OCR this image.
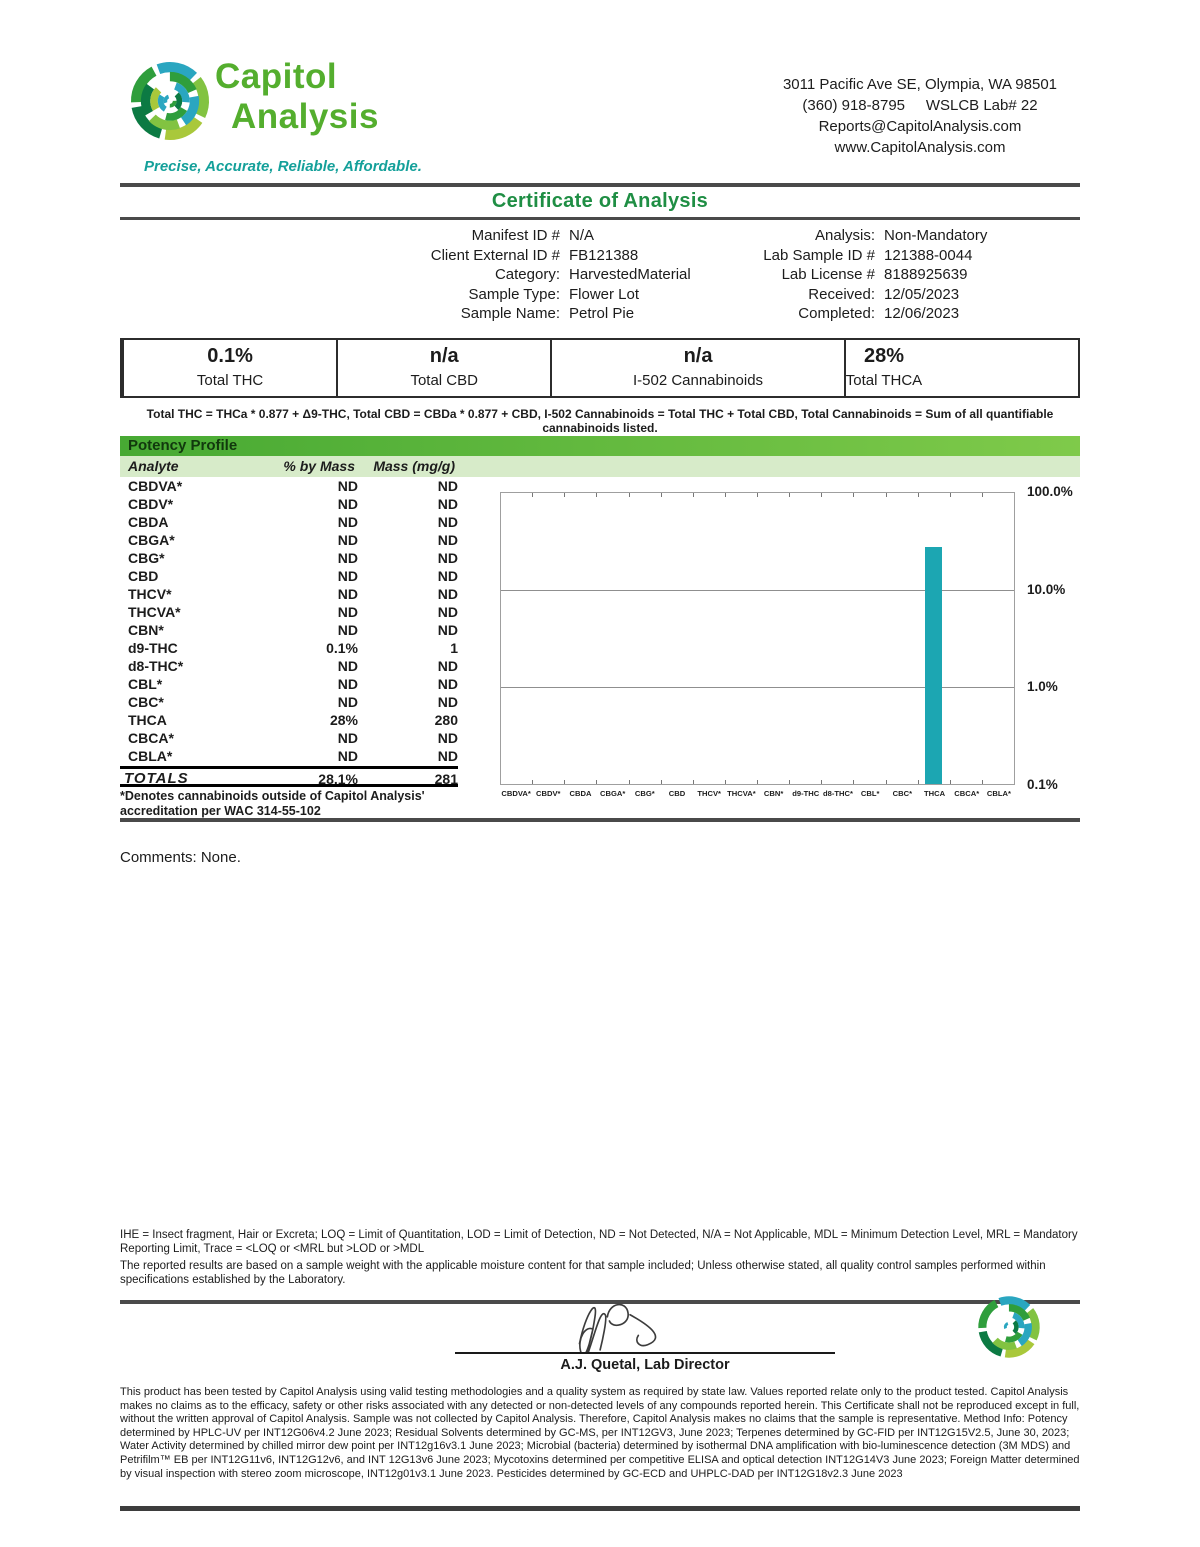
Capitol
Analysis
Precise, Accurate, Reliable, Affordable.
3011 Pacific Ave SE, Olympia, WA 98501
(360) 918-8795     WSLCB Lab# 22
Reports@CapitolAnalysis.com
www.CapitolAnalysis.com
Certificate of Analysis
Manifest ID # N/A
Client External ID # FB121388
Category: HarvestedMaterial
Sample Type: Flower Lot
Sample Name: Petrol Pie
Analysis: Non-Mandatory
Lab Sample ID # 121388-0044
Lab License # 8188925639
Received: 12/05/2023
Completed: 12/06/2023
0.1%
Total THC
n/a
Total CBD
n/a
I-502 Cannabinoids
28%
Total THCA
Total THC = THCa * 0.877 + Δ9-THC, Total CBD = CBDa * 0.877 + CBD, I-502 Cannabinoids = Total THC + Total CBD, Total Cannabinoids = Sum of all quantifiable cannabinoids listed.
Potency Profile
Analyte	% by Mass	Mass (mg/g)
CBDVA*	ND	ND
CBDV*	ND	ND
CBDA	ND	ND
CBGA*	ND	ND
CBG*	ND	ND
CBD	ND	ND
THCV*	ND	ND
THCVA*	ND	ND
CBN*	ND	ND
d9-THC	0.1%	1
d8-THC*	ND	ND
CBL*	ND	ND
CBC*	ND	ND
THCA	28%	280
CBCA*	ND	ND
CBLA*	ND	ND
TOTALS	28.1%	281
*Denotes cannabinoids outside of Capitol Analysis' accreditation per WAC 314-55-102
Comments: None.
100.0%
10.0%
1.0%
0.1%
CBDVA* CBDV*	CBDA	CBGA*	CBG*	CBD	THCV* THCVA*	CBN*	d9-THC d8-THC*	CBL*	CBC*	THCA	CBCA*	CBLA*

IHE = Insect fragment, Hair or Excreta; LOQ = Limit of Quantitation, LOD = Limit of Detection, ND = Not Detected, N/A = Not Applicable, MDL = Minimum Detection Level, MRL = Mandatory Reporting Limit, Trace = <LOQ or <MRL but >LOD or >MDL

The reported results are based on a sample weight with the applicable moisture content for that sample included; Unless otherwise stated, all quality control samples performed within specifications established by the Laboratory.

A.J. Quetal, Lab Director
This product has been tested by Capitol Analysis using valid testing methodologies and a quality system as required by state law. Values reported relate only to the product tested. Capitol Analysis makes no claims as to the efficacy, safety or other risks associated with any detected or non-detected levels of any compounds reported herein. This Certificate shall not be reproduced except in full, without the written approval of Capitol Analysis. Sample was not collected by Capitol Analysis. Therefore, Capitol Analysis makes no claims that the sample is representative. Method Info: Potency determined by HPLC-UV per INT12G06v4.2 June 2023; Residual Solvents determined by GC-MS, per INT12GV3, June 2023; Terpenes determined by GC-FID per INT12G15V2.5, June 30, 2023; Water Activity determined by chilled mirror dew point per INT12g16v3.1 June 2023; Microbial (bacteria) determined by isothermal DNA amplification with bio-luminescence detection (3M MDS) and Petrifilm™ EB per INT12G11v6, INT12G12v6, and INT 12G13v6 June 2023; Mycotoxins determined per competitive ELISA and optical detection INT12G14V3 June 2023; Foreign Matter determined by visual inspection with stereo zoom microscope, INT12g01v3.1 June 2023. Pesticides determined by GC-ECD and UHPLC-DAD per INT12G18v2.3 June 2023
